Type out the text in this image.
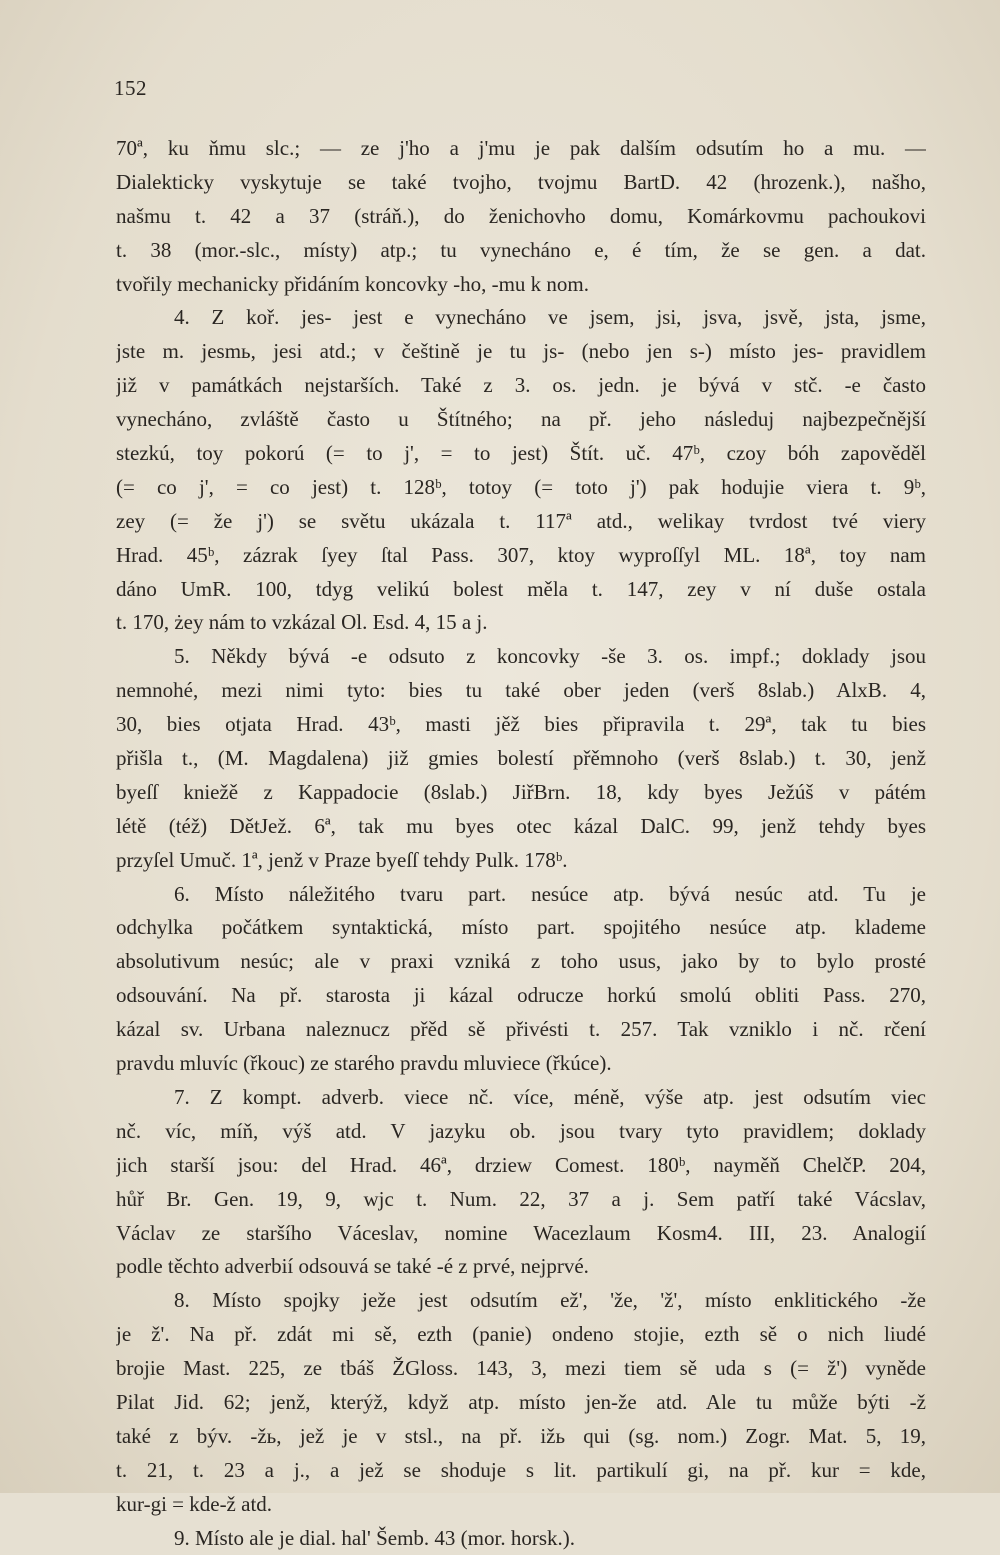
152
70ª, ku ňmu slc.; — ze j'ho a j'mu je pak dalším odsutím ho a mu. —
Dialekticky vyskytuje se také tvojho, tvojmu BartD. 42 (hrozenk.), našho,
našmu t. 42 a 37 (stráň.), do ženichovho domu, Komárkovmu pachoukovi
t. 38 (mor.-slc., místy) atp.; tu vynecháno e, é tím, že se gen. a dat.
tvořily mechanicky přidáním koncovky -ho, -mu k nom.
4. Z koř. jes- jest e vynecháno ve jsem, jsi, jsva, jsvě, jsta, jsme,
jste m. jesmь, jesi atd.; v češtině je tu js- (nebo jen s-) místo jes- pravidlem
již v památkách nejstarších. Také z 3. os. jedn. je bývá v stč. -e často
vynecháno, zvláště často u Štítného; na př. jeho následuj najbezpečnější
stezkú, toy pokorú (= to j', = to jest) Štít. uč. 47ᵇ, czoy bóh zapověděl
(= co j', = co jest) t. 128ᵇ, totoy (= toto j') pak hodujie viera t. 9ᵇ,
zey (= že j') se světu ukázala t. 117ª atd., welikay tvrdost tvé viery
Hrad. 45ᵇ, zázrak ſyey ſtal Pass. 307, ktoy wyproſſyl ML. 18ª, toy nam
dáno UmR. 100, tdyg velikú bolest měla t. 147, zey v ní duše ostala
t. 170, żey nám to vzkázal Ol. Esd. 4, 15 a j.
5. Někdy bývá -e odsuto z koncovky -še 3. os. impf.; doklady jsou
nemnohé, mezi nimi tyto: bies tu také ober jeden (verš 8slab.) AlxB. 4,
30, bies otjata Hrad. 43ᵇ, masti jěž bies připravila t. 29ª, tak tu bies
přišla t., (M. Magdalena) již gmies bolestí přěmnoho (verš 8slab.) t. 30, jenž
byeſſ kniežě z Kappadocie (8slab.) JiřBrn. 18, kdy byes Ježúš v pátém
létě (též) DětJež. 6ª, tak mu byes otec kázal DalC. 99, jenž tehdy byes
przyſel Umuč. 1ª, jenž v Praze byeſſ tehdy Pulk. 178ᵇ.
6. Místo náležitého tvaru part. nesúce atp. bývá nesúc atd. Tu je
odchylka počátkem syntaktická, místo part. spojitého nesúce atp. klademe
absolutivum nesúc; ale v praxi vzniká z toho usus, jako by to bylo prosté
odsouvání. Na př. starosta ji kázal odrucze horkú smolú obliti Pass. 270,
kázal sv. Urbana naleznucz přěd sě přivésti t. 257. Tak vzniklo i nč. rčení
pravdu mluvíc (řkouc) ze starého pravdu mluviece (řkúce).
7. Z kompt. adverb. viece nč. více, méně, výše atp. jest odsutím viec
nč. víc, míň, výš atd. V jazyku ob. jsou tvary tyto pravidlem; doklady
jich starší jsou: del Hrad. 46ª, drziew Comest. 180ᵇ, nayměň ChelčP. 204,
hůř Br. Gen. 19, 9, wjc t. Num. 22, 37 a j. Sem patří také Vácslav,
Václav ze staršího Váceslav, nomine Wacezlaum Kosm4. III, 23. Analogií
podle těchto adverbií odsouvá se také -é z prvé, nejprvé.
8. Místo spojky ježe jest odsutím ež', 'že, 'ž', místo enklitického -že
je ž'. Na př. zdát mi sě, ezth (panie) ondeno stojie, ezth sě o nich liudé
brojie Mast. 225, ze tbáš ŽGloss. 143, 3, mezi tiem sě uda s (= ž') vyněde
Pilat Jid. 62; jenž, kterýž, když atp. místo jen-že atd. Ale tu může býti -ž
také z býv. -žь, jež je v stsl., na př. ižь qui (sg. nom.) Zogr. Mat. 5, 19,
t. 21, t. 23 a j., a jež se shoduje s lit. partikulí gi, na př. kur = kde,
kur-gi = kde-ž atd.
9. Místo ale je dial. hal' Šemb. 43 (mor. horsk.).
